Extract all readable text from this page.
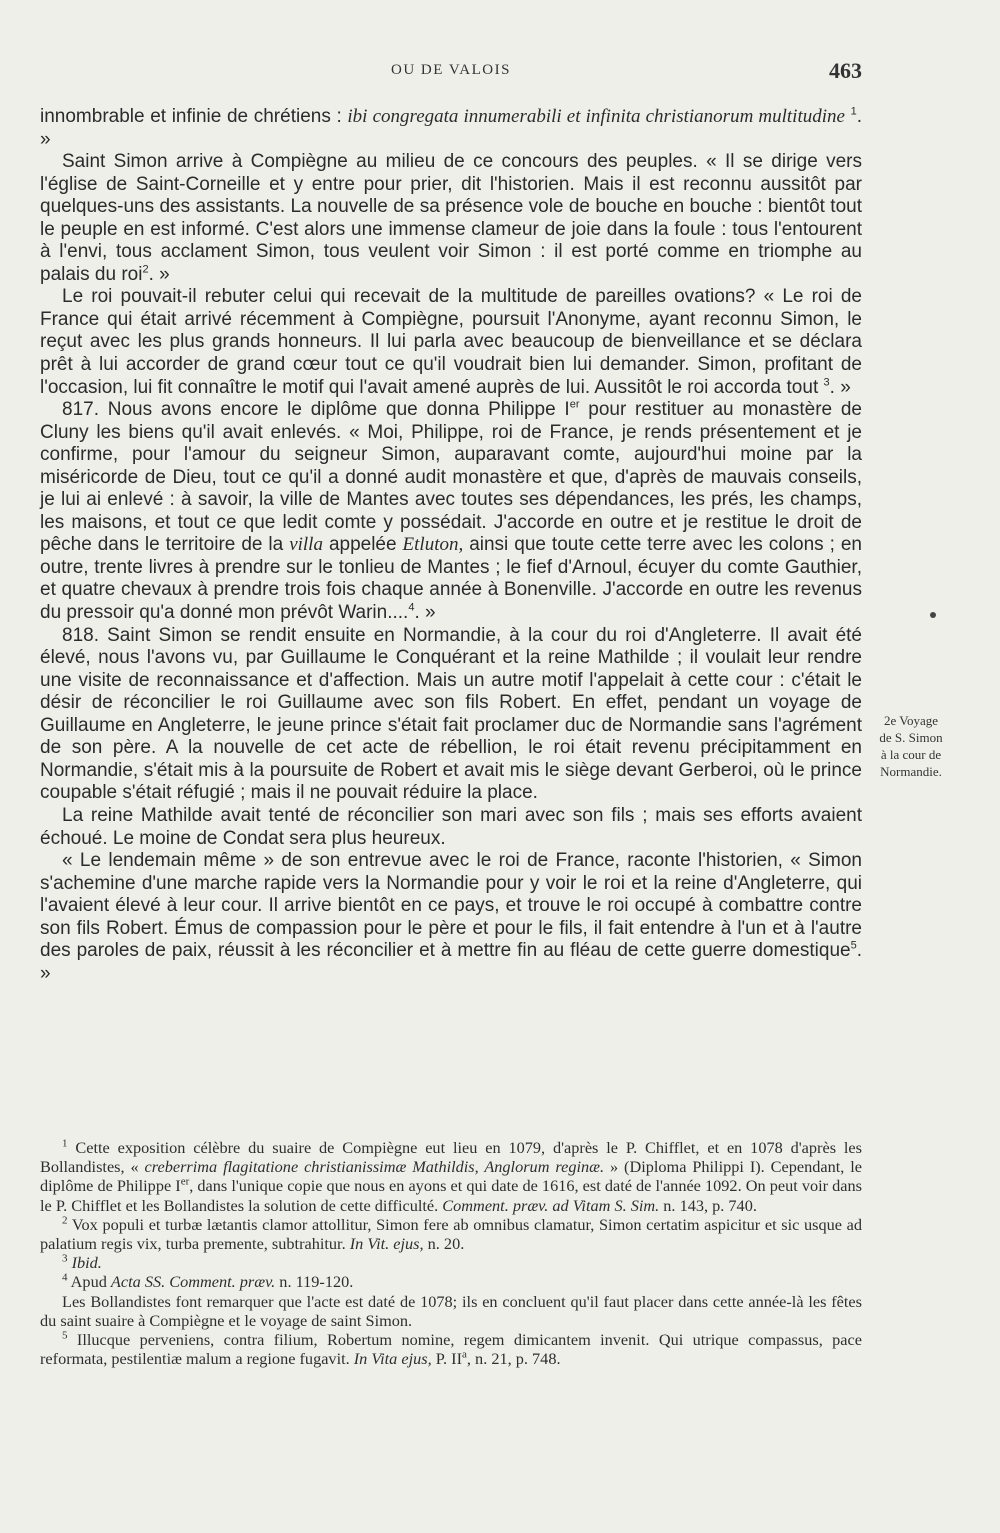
OU DE VALOIS	463

innombrable et infinie de chrétiens : ibi congregata innumerabili et infinita christianorum multitudine $^1$. »

Saint Simon arrive à Compiègne au milieu de ce concours des peuples. « Il se dirige vers l'église de Saint-Corneille et y entre pour prier, dit l'historien. Mais il est reconnu aussitôt par quelques-uns des assistants. La nouvelle de sa présence vole de bouche en bouche : bientôt tout le peuple en est informé. C'est alors une immense clameur de joie dans la foule : tous l'entourent à l'envi, tous acclament Simon, tous veulent voir Simon : il est porté comme en triomphe au palais du roi$^2$. »

Le roi pouvait-il rebuter celui qui recevait de la multitude de pareilles ovations? « Le roi de France qui était arrivé récemment à Compiègne, poursuit l'Anonyme, ayant reconnu Simon, le reçut avec les plus grands honneurs. Il lui parla avec beaucoup de bienveillance et se déclara prêt à lui accorder de grand cœur tout ce qu'il voudrait bien lui demander. Simon, profitant de l'occasion, lui fit connaître le motif qui l'avait amené auprès de lui. Aussitôt le roi accorda tout $^3$. »

817. Nous avons encore le diplôme que donna Philippe Ier pour restituer au monastère de Cluny les biens qu'il avait enlevés. « Moi, Philippe, roi de France, je rends présentement et je confirme, pour l'amour du seigneur Simon, auparavant comte, aujourd'hui moine par la miséricorde de Dieu, tout ce qu'il a donné audit monastère et que, d'après de mauvais conseils, je lui ai enlevé : à savoir, la ville de Mantes avec toutes ses dépendances, les prés, les champs, les maisons, et tout ce que ledit comte y possédait. J'accorde en outre et je restitue le droit de pêche dans le territoire de la villa appelée Etluton, ainsi que toute cette terre avec les colons ; en outre, trente livres à prendre sur le tonlieu de Mantes ; le fief d'Arnoul, écuyer du comte Gauthier, et quatre chevaux à prendre trois fois chaque année à Bonenville. J'accorde en outre les revenus du pressoir qu'a donné mon prévôt Warin....$^4$. »

818. Saint Simon se rendit ensuite en Normandie, à la cour du roi d'Angleterre. Il avait été élevé, nous l'avons vu, par Guillaume le Conquérant et la reine Mathilde ; il voulait leur rendre une visite de reconnaissance et d'affection. Mais un autre motif l'appelait à cette cour : c'était le désir de réconcilier le roi Guillaume avec son fils Robert. En effet, pendant un voyage de Guillaume en Angleterre, le jeune prince s'était fait proclamer duc de Normandie sans l'agrément de son père. A la nouvelle de cet acte de rébellion, le roi était revenu précipitamment en Normandie, s'était mis à la poursuite de Robert et avait mis le siège devant Gerberoi, où le prince coupable s'était réfugié ; mais il ne pouvait réduire la place.

La reine Mathilde avait tenté de réconcilier son mari avec son fils ; mais ses efforts avaient échoué. Le moine de Condat sera plus heureux.

« Le lendemain même » de son entrevue avec le roi de France, raconte l'historien, « Simon s'achemine d'une marche rapide vers la Normandie pour y voir le roi et la reine d'Angleterre, qui l'avaient élevé à leur cour. Il arrive bientôt en ce pays, et trouve le roi occupé à combattre contre son fils Robert. Émus de compassion pour le père et pour le fils, il fait entendre à l'un et à l'autre des paroles de paix, réussit à les réconcilier et à mettre fin au fléau de cette guerre domestique$^5$. »

2e Voyage
de S. Simon
à la cour de
Normandie.

$^1$ Cette exposition célèbre du suaire de Compiègne eut lieu en 1079, d'après le P. Chifflet, et en 1078 d'après les Bollandistes, « creberrima flagitatione christianissimæ Mathildis, Anglorum reginæ. » (Diploma Philippi I). Cependant, le diplôme de Philippe Ier, dans l'unique copie que nous en ayons et qui date de 1616, est daté de l'année 1092. On peut voir dans le P. Chifflet et les Bollandistes la solution de cette difficulté. Comment. præv. ad Vitam S. Sim. n. 143, p. 740.

$^2$ Vox populi et turbæ lætantis clamor attollitur, Simon fere ab omnibus clamatur, Simon certatim aspicitur et sic usque ad palatium regis vix, turba premente, subtrahitur. In Vit. ejus, n. 20.

$^3$ Ibid.

$^4$ Apud Acta SS. Comment. præv. n. 119-120.

Les Bollandistes font remarquer que l'acte est daté de 1078; ils en concluent qu'il faut placer dans cette année-là les fêtes du saint suaire à Compiègne et le voyage de saint Simon.

$^5$ Illucque perveniens, contra filium, Robertum nomine, regem dimicantem invenit. Qui utrique compassus, pace reformata, pestilentiæ malum a regione fugavit. In Vita ejus, P. $II^a$, n. 21, p. 748.
